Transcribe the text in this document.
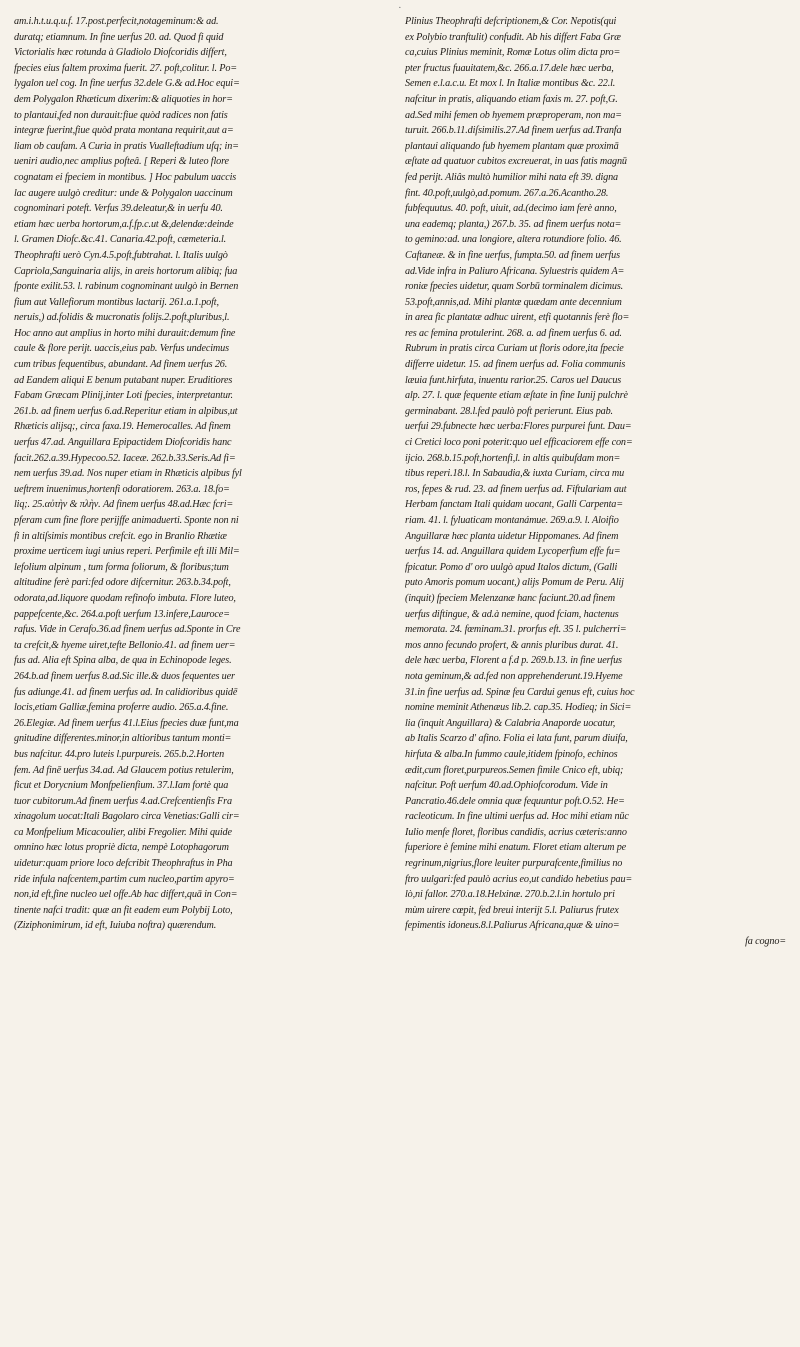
·
am.i.h.t.u.q.u.f. 17.post.perfecit,notageminum:& ad.
duratq; etiamnum. In fine uerfus 20. ad. Quod fi quid
Victorialis hæc rotunda à Gladiolo Diofcoridis differt,
fpecies eius faltem proxima fuerit. 27. poft,colitur. l. Po=
lygalon uel cog. In fine uerfus 32.dele G.& ad.Hoc equi=
dem Polygalon Rhæticum dixerim:& aliquoties in hor=
to plantaui,fed non durauit:fiue quòd radices non fatis
integræ fuerint,fiue quòd prata montana requirit,aut a=
liam ob caufam. A Curia in pratis Vualleftadium ufq; in=
ueniri audio,nec amplius pofteâ. [ Reperi & luteo flore
cognatam ei fpeciem in montibus. ] Hoc pabulum uaccis
lac augere uulgò creditur: unde & Polygalon uaccinum
cognominari poteft. Verfus 39.deleatur,& in uerfu 40.
etiam hæc uerba hortorum,a.f.fp.c.ut &,delendæ:deinde
l. Gramen Diofc.&c.41. Canaria.42.poft, cæmeteria.l.
Theophrafti uerò Cyn.4.5.poft,fubtrahat. l. Italis uulgò
Capriola,Sanguinaria alijs, in areis hortorum alibiq; fua
fponte exilit.53. l. rabinum cognominant uulgò in Bernen
fium aut Vallefiorum montibus lactarij. 261.a.1.poft,
neruis,) ad.folidis & mucronatis folijs.2.poft,pluribus,l.
Hoc anno aut amplius in horto mihi durauit:demum fine
caule & flore perijt. uaccis,eius pab. Verfus undecimus
cum tribus fequentibus, abundant. Ad finem uerfus 26.
ad Eandem aliqui E benum putabant nuper. Eruditiores
Fabam Græcam Plinij,inter Loti fpecies, interpretantur.
261.b. ad finem uerfus 6.ad.Reperitur etiam in alpibus,ut
Rhæticis alijsq;, circa faxa.19. Hemerocalles. Ad finem
uerfus 47.ad. Anguillara Epipactidem Diofcoridis hanc
facit.262.a.39.Hypecoo.52. Iaceæ. 262.b.33.Seris.Ad fi=
nem uerfus 39.ad. Nos nuper etiam in Rhæticis alpibus fyl
ueftrem inuenimus,hortenfi odoratiorem. 263.a. 18.fo=
liq;. 25.αὐτὴν & πλὴν. Ad finem uerfus 48.ad.Hæc fcri=
pferam cum fine flore perijffe animaduerti. Sponte non ni
fi in altiſsimis montibus crefcit. ego in Branlio Rhætiæ
proxime uerticem iugi unius reperi. Perfimile eft illi Mil=
lefolium alpinum , tum forma foliorum, & floribus;tum
altitudine ferè pari:fed odore difcernitur. 263.b.34.poft,
odorata,ad.liquore quodam refinofo imbuta. Flore luteo,
pappefcente,&c. 264.a.poft uerfum 13.infere,Lauroce=
rafus. Vide in Cerafo.36.ad finem uerfus ad.Sponte in Cre
ta crefcit,& hyeme uiret,tefte Bellonio.41. ad finem uer=
fus ad. Alia eft Spina alba, de qua in Echinopode leges.
264.b.ad finem uerfus 8.ad.Sic ille.& duos fequentes uer
fus adiunge.41. ad finem uerfus ad. In calidioribus quidē
locis,etiam Galliæ,femina proferre audio. 265.a.4.fine.
26.Elegiæ. Ad finem uerfus 41.l.Eius fpecies duæ funt,ma
gnitudine differentes.minor,in altioribus tantum monti=
bus nafcitur. 44.pro luteis l.purpureis. 265.b.2.Horten
fem. Ad finē uerfus 34.ad. Ad Glaucem potius retulerim,
ficut et Dorycnium Monfpelienfium. 37.l.Iam fortè qua
tuor cubitorum.Ad finem uerfus 4.ad.Crefcentienfis Fra
xinagolum uocat:Itali Bagolaro circa Venetias:Galli cir=
ca Monfpelium Micacoulier, alibi Fregolier. Mihi quide
omnino hæc lotus propriè dicta, nempè Lotophagorum
uidetur:quam priore loco defcribit Theophraftus in Pha
ride infula nafcentem,partim cum nucleo,partim apyro=
non,id eft,fine nucleo uel offe.Ab hac differt,quā in Con=
tinente nafci tradit: quæ an fit eadem eum Polybij Loto,
(Ziziphonimirum, id eft, Iuiuba noftra) quærendum.
Plinius Theophrafti defcriptionem,& Cor. Nepotis(qui
ex Polybio tranftulit) confudit. Ab his differt Faba Græ
ca,cuius Plinius meminit, Romæ Lotus olim dicta pro=
pter fructus fuauitatem,&c. 266.a.17.dele hæc uerba,
Semen e.l.a.c.u. Et mox l. In Italiæ montibus &c. 22.l.
nafcitur in pratis, aliquando etiam faxis m. 27. poft,G.
ad.Sed mihi femen ob hyemem præproperam, non ma=
turuit. 266.b.11.diſsimilis.27.Ad finem uerfus ad.Tranfa
plantaui aliquando fub hyemem plantam quæ proximā
æſtate ad quatuor cubitos excreuerat, in uas fatis magnū
fed perijt. Aliâs multò humilior mihi nata eft 39. digna
fint. 40.poft,uulgò,ad.pomum. 267.a.26.Acantho.28.
fubfequutus. 40. poft, uiuit, ad.(decimo iam ferè anno,
una eademq; planta,) 267.b. 35. ad finem uerfus nota=
to gemino:ad. una longiore, altera rotundiore folio. 46.
Caftaneæ. & in fine uerfus, fumpta.50. ad finem uerfus
ad.Vide infra in Paliuro Africana. Syluestris quidem A=
roniæ fpecies uidetur, quam Sorbū torminalem dicimus.
53.poft,annis,ad. Mihi plantæ quædam ante decennium
in area fic plantatæ adhuc uirent, etfi quotannis ferè flo=
res ac femina protulerint. 268. a. ad finem uerfus 6. ad.
Rubrum in pratis circa Curiam ut floris odore,ita fpecie
differre uidetur. 15. ad finem uerfus ad. Folia communis
læuia funt.hirfuta, inuentu rarior.25. Caros uel Daucus
alp. 27. l. quæ fequente etiam æſtate in fine Iunij pulchrè
germinabant. 28.l.fed paulò poft perierunt. Eius pab.
uerfui 29.fubnecte hæc uerba:Flores purpurei funt. Dau=
ci Cretici loco poni poterit:quo uel efficaciorem effe con=
ijcio. 268.b.15.poft,hortenfi,l. in altis quibufdam mon=
tibus reperi.18.l. In Sabaudia,& iuxta Curiam, circa mu
ros, fepes & rud. 23. ad finem uerfus ad. Fiftulariam aut
Herbam fanctam Itali quidam uocant, Galli Carpenta=
riam. 41. l. fyluaticam montanámue. 269.a.9. l. Aloifio
Anguillaræ hæc planta uidetur Hippomanes. Ad finem
uerfus 14. ad. Anguillara quidem Lycoperfium effe fu=
fpicatur. Pomo d' oro uulgò apud Italos dictum, (Galli
puto Amoris pomum uocant,) alijs Pomum de Peru. Alij
(inquit) fpeciem Melenzanæ hanc faciunt.20.ad finem
uerfus diftingue, & ad.à nemine, quod fciam, hactenus
memorata. 24. fœminam.31. prorfus eft. 35 l. pulcherri=
mos anno fecundo profert, & annis pluribus durat. 41.
dele hæc uerba, Florent a f.d p. 269.b.13. in fine uerfus
nota geminum,& ad.fed non apprehenderunt.19.Hyeme
31.in fine uerfus ad. Spinæ feu Cardui genus eft, cuius hoc
nomine meminit Athenæus lib.2. cap.35. Hodieq; in Sici=
lia (inquit Anguillara) & Calabria Anaporde uocatur,
ab Italis Scarzo d' afino. Folia ei lata funt, parum diuifa,
hirfuta & alba.In fummo caule,itidem fpinofo, echinos
ædit,cum floret,purpureos.Semen fimile Cnico eft, ubiq;
nafcitur. Poft uerfum 40.ad.Ophiofcorodum. Vide in
Pancratio.46.dele omnia quæ fequuntur poft.O.52. He=
racleoticum. In fine ultimi uerfus ad. Hoc mihi etiam nūc
Iulio menfe floret, floribus candidis, acrius cæteris:anno
fuperiore è femine mihi enatum. Floret etiam alterum pe
regrinum,nigrius,flore leuiter purpurafcente,fimilius no
ftro uulgari:fed paulò acrius eo,ut candido hebetius pau=
lò,ni fallor. 270.a.18.Helxinæ. 270.b.2.l.in hortulo pri
mùm uirere cœpit, fed breui interijt 5.l. Paliurus frutex
fepimentis idoneus.8.l.Paliurus Africana,quæ & uino=
fa cogno=
